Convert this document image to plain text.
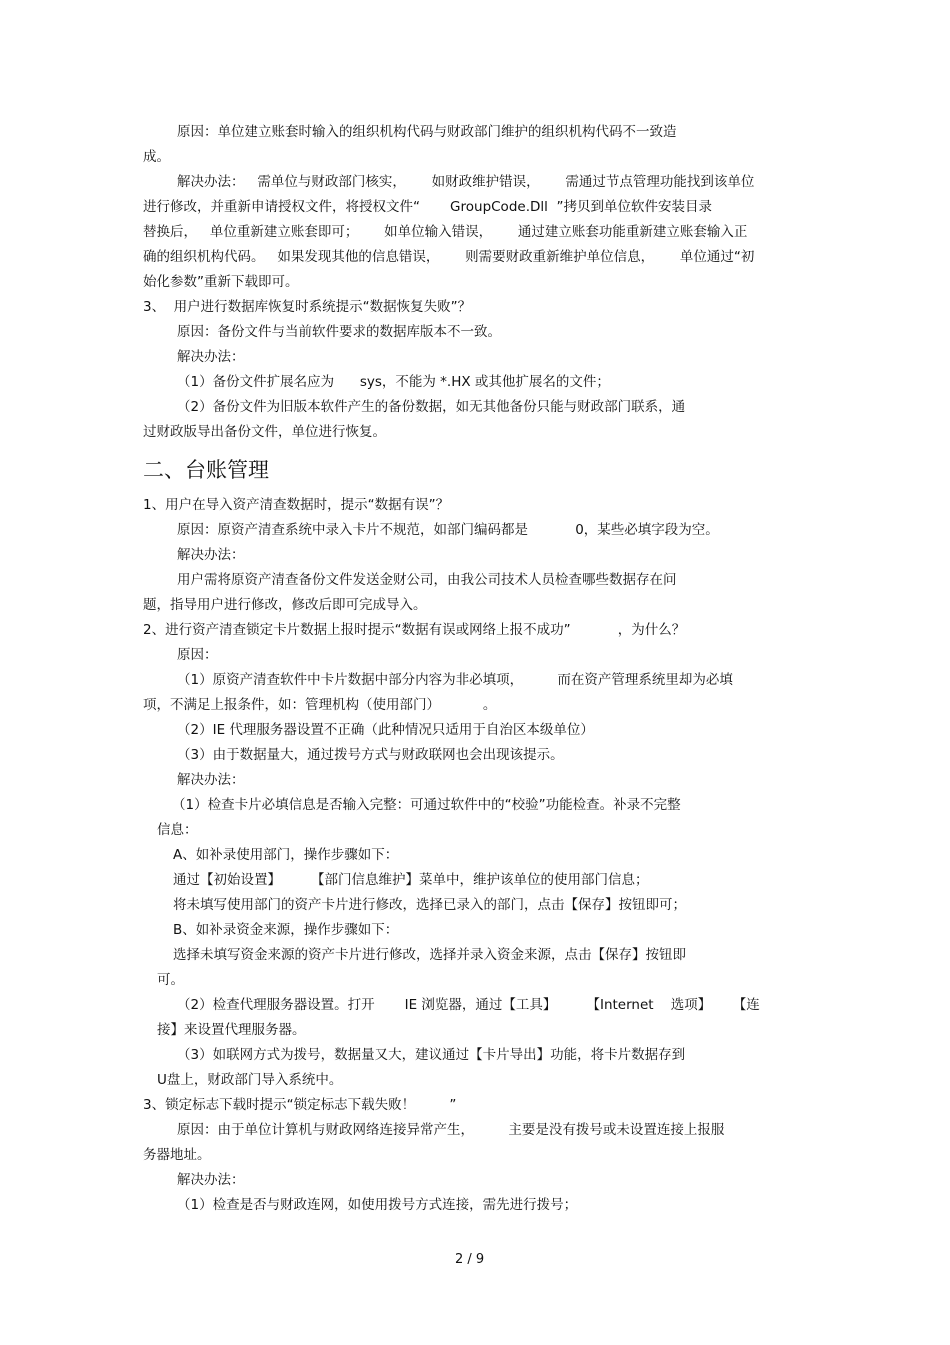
原因：单位建立账套时输入的组织机构代码与财政部门维护的组织机构代码不一致造
成。
解决办法：   需单位与财政部门核实，      如财政维护错误，      需通过节点管理功能找到该单位
进行修改，并重新申请授权文件，将授权文件“       GroupCode.Dll  ”拷贝到单位软件安装目录
替换后，   单位重新建立账套即可；      如单位输入错误，      通过建立账套功能重新建立账套输入正
确的组织机构代码。   如果发现其他的信息错误，      则需要财政重新维护单位信息，      单位通过“初
始化参数”重新下载即可。
3、  用户进行数据库恢复时系统提示“数据恢复失败”？
原因：备份文件与当前软件要求的数据库版本不一致。
解决办法：
（1）备份文件扩展名应为      sys，不能为 *.HX 或其他扩展名的文件；
（2）备份文件为旧版本软件产生的备份数据，如无其他备份只能与财政部门联系，通
过财政版导出备份文件，单位进行恢复。
二、台账管理
1、用户在导入资产清查数据时，提示“数据有误”？
原因：原资产清查系统中录入卡片不规范，如部门编码都是           0，某些必填字段为空。
解决办法：
用户需将原资产清查备份文件发送金财公司，由我公司技术人员检查哪些数据存在问
题，指导用户进行修改，修改后即可完成导入。
2、进行资产清查锁定卡片数据上报时提示“数据有误或网络上报不成功”           ，为什么？
原因：
（1）原资产清查软件中卡片数据中部分内容为非必填项，        而在资产管理系统里却为必填
项，不满足上报条件，如：管理机构（使用部门）          。
（2）IE 代理服务器设置不正确（此种情况只适用于自治区本级单位）
（3）由于数据量大，通过拨号方式与财政联网也会出现该提示。
解决办法：
（1）检查卡片必填信息是否输入完整：可通过软件中的“校验”功能检查。补录不完整
信息：
A、如补录使用部门，操作步骤如下：
通过【初始设置】       【部门信息维护】菜单中，维护该单位的使用部门信息；
将未填写使用部门的资产卡片进行修改，选择已录入的部门，点击【保存】按钮即可；
B、如补录资金来源，操作步骤如下：
选择未填写资金来源的资产卡片进行修改，选择并录入资金来源，点击【保存】按钮即
可。
（2）检查代理服务器设置。打开       IE 浏览器，通过【工具】       【Internet    选项】     【连
接】来设置代理服务器。
（3）如联网方式为拨号，数据量又大，建议通过【卡片导出】功能，将卡片数据存到
U盘上，财政部门导入系统中。
3、锁定标志下载时提示“锁定标志下载失败！        ”
原因：由于单位计算机与财政网络连接异常产生，        主要是没有拨号或未设置连接上报服
务器地址。
解决办法：
（1）检查是否与财政连网，如使用拨号方式连接，需先进行拨号；
2 / 9
